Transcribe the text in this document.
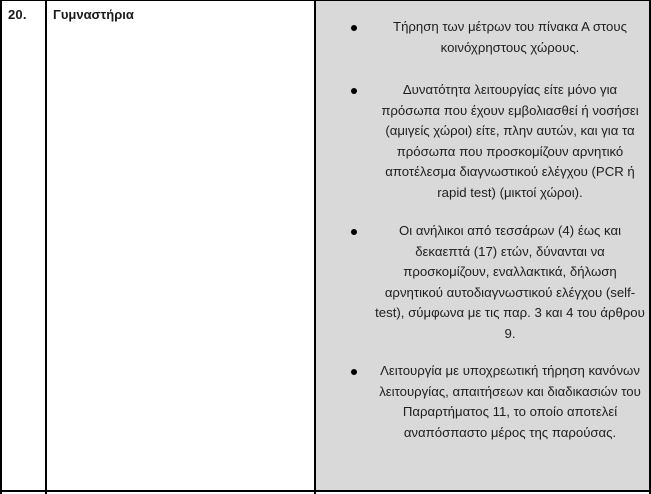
20. Γυμναστήρια
Τήρηση των μέτρων του πίνακα Α στους κοινόχρηστους χώρους.
Δυνατότητα λειτουργίας είτε μόνο για πρόσωπα που έχουν εμβολιασθεί ή νοσήσει (αμιγείς χώροι) είτε, πλην αυτών, και για τα πρόσωπα που προσκομίζουν αρνητικό αποτέλεσμα διαγνωστικού ελέγχου (PCR ή rapid test) (μικτοί χώροι).
Οι ανήλικοι από τεσσάρων (4) έως και δεκαεπτά (17) ετών, δύνανται να προσκομίζουν, εναλλακτικά, δήλωση αρνητικού αυτοδιαγνωστικού ελέγχου (self-test), σύμφωνα με τις παρ. 3 και 4 του άρθρου 9.
Λειτουργία με υποχρεωτική τήρηση κανόνων λειτουργίας, απαιτήσεων και διαδικασιών του Παραρτήματος 11, το οποίο αποτελεί αναπόσπαστο μέρος της παρούσας.
